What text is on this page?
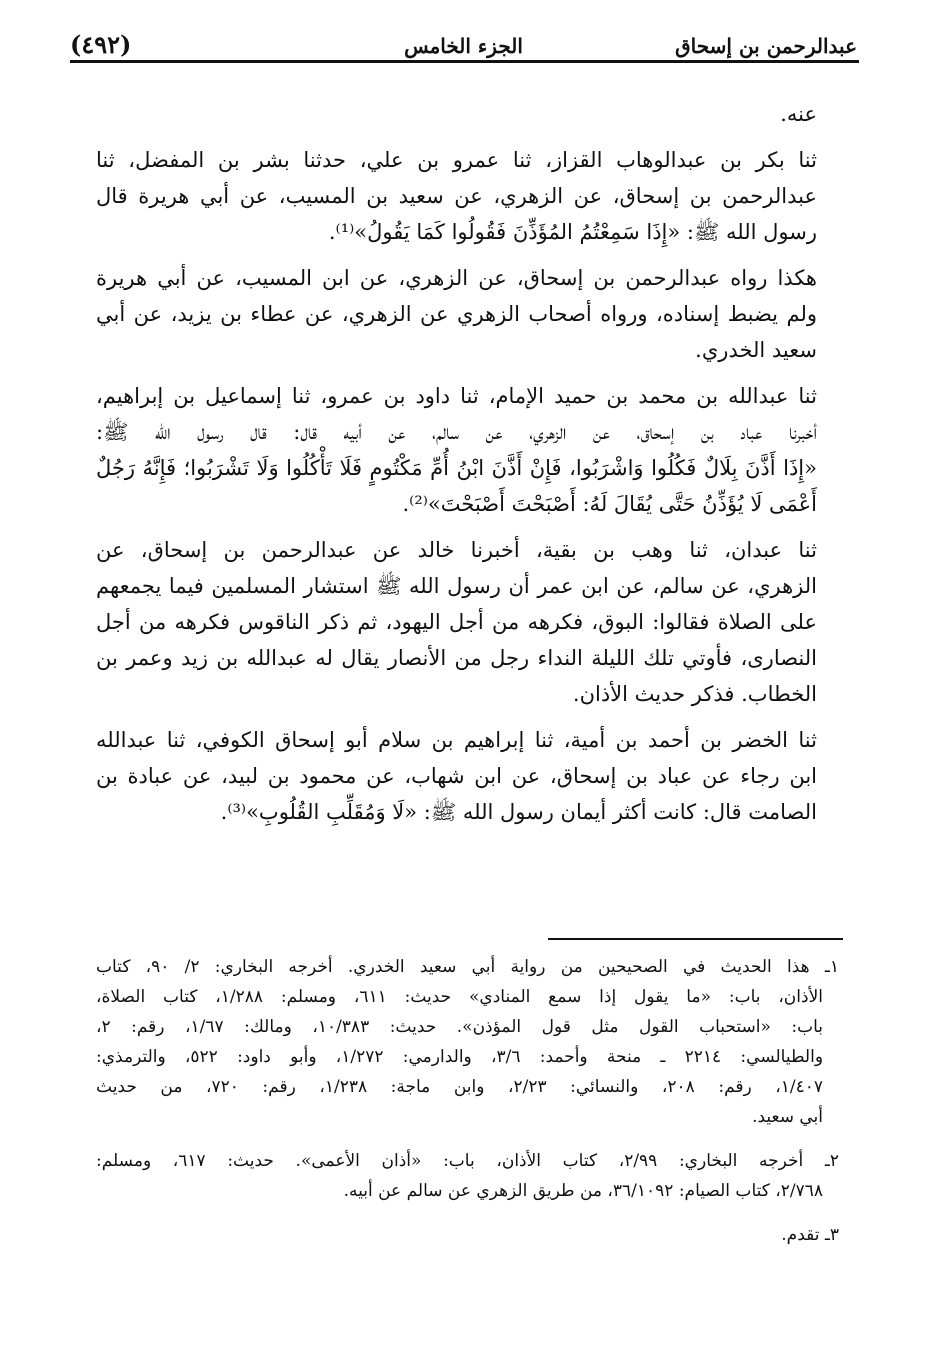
عبدالرحمن بن إسحاق
الجزء الخامس
(٤٩٢)
عنه.
ثنا بكر بن عبدالوهاب القزاز، ثنا عمرو بن علي، حدثنا بشر بن المفضل، ثنا
عبدالرحمن بن إسحاق، عن الزهري، عن سعيد بن المسيب، عن أبي هريرة قال
رسول الله ﷺ: «إِذَا سَمِعْتُمُ المُؤَذِّنَ فَقُولُوا كَمَا يَقُولُ»⁽¹⁾.
هكذا رواه عبدالرحمن بن إسحاق، عن الزهري، عن ابن المسيب، عن أبي هريرة
ولم يضبط إسناده، ورواه أصحاب الزهري عن الزهري، عن عطاء بن يزيد، عن أبي
سعيد الخدري.
ثنا عبدالله بن محمد بن حميد الإمام، ثنا داود بن عمرو، ثنا إسماعيل بن إبراهيم،
أخبرنا عباد بن إسحاق، عن الزهري، عن سالم، عن أبيه قال: قال رسول الله ﷺ:
«إِذَا أَذَّنَ بِلَالٌ فَكُلُوا وَاشْرَبُوا، فَإِنْ أَذَّنَ ابْنُ أُمِّ مَكْتُومٍ فَلَا تَأْكُلُوا وَلَا تَشْرَبُوا؛ فَإِنَّهُ رَجُلٌ
أَعْمَى لَا يُؤَذِّنُ حَتَّى يُقَالَ لَهُ: أَصْبَحْتَ أَصْبَحْتَ»⁽²⁾.
ثنا عبدان، ثنا وهب بن بقية، أخبرنا خالد عن عبدالرحمن بن إسحاق، عن
الزهري، عن سالم، عن ابن عمر أن رسول الله ﷺ استشار المسلمين فيما يجمعهم
على الصلاة فقالوا: البوق، فكرهه من أجل اليهود، ثم ذكر الناقوس فكرهه من أجل
النصارى، فأوتي تلك الليلة النداء رجل من الأنصار يقال له عبدالله بن زيد وعمر بن
الخطاب. فذكر حديث الأذان.
ثنا الخضر بن أحمد بن أمية، ثنا إبراهيم بن سلام أبو إسحاق الكوفي، ثنا عبدالله
ابن رجاء عن عباد بن إسحاق، عن ابن شهاب، عن محمود بن لبيد، عن عبادة بن
الصامت قال: كانت أكثر أيمان رسول الله ﷺ: «لَا وَمُقَلِّبِ القُلُوبِ»⁽³⁾.
١ـ هذا الحديث في الصحيحين من رواية أبي سعيد الخدري. أخرجه البخاري: ٢/ ٩٠، كتاب
الأذان، باب: «ما يقول إذا سمع المنادي» حديث: ٦١١، ومسلم: ١/٢٨٨، كتاب الصلاة،
باب: «استحباب القول مثل قول المؤذن». حديث: ١٠/٣٨٣، ومالك: ١/٦٧، رقم: ٢،
والطيالسي: ٢٢١٤ ـ منحة وأحمد: ٣/٦، والدارمي: ١/٢٧٢، وأبو داود: ٥٢٢، والترمذي:
١/٤٠٧، رقم: ٢٠٨، والنسائي: ٢/٢٣، وابن ماجة: ١/٢٣٨، رقم: ٧٢٠، من حديث
أبي سعيد.
٢ـ أخرجه البخاري: ٢/٩٩، كتاب الأذان، باب: «أذان الأعمى». حديث: ٦١٧، ومسلم:
٢/٧٦٨، كتاب الصيام: ٣٦/١٠٩٢، من طريق الزهري عن سالم عن أبيه.
٣ـ تقدم.
